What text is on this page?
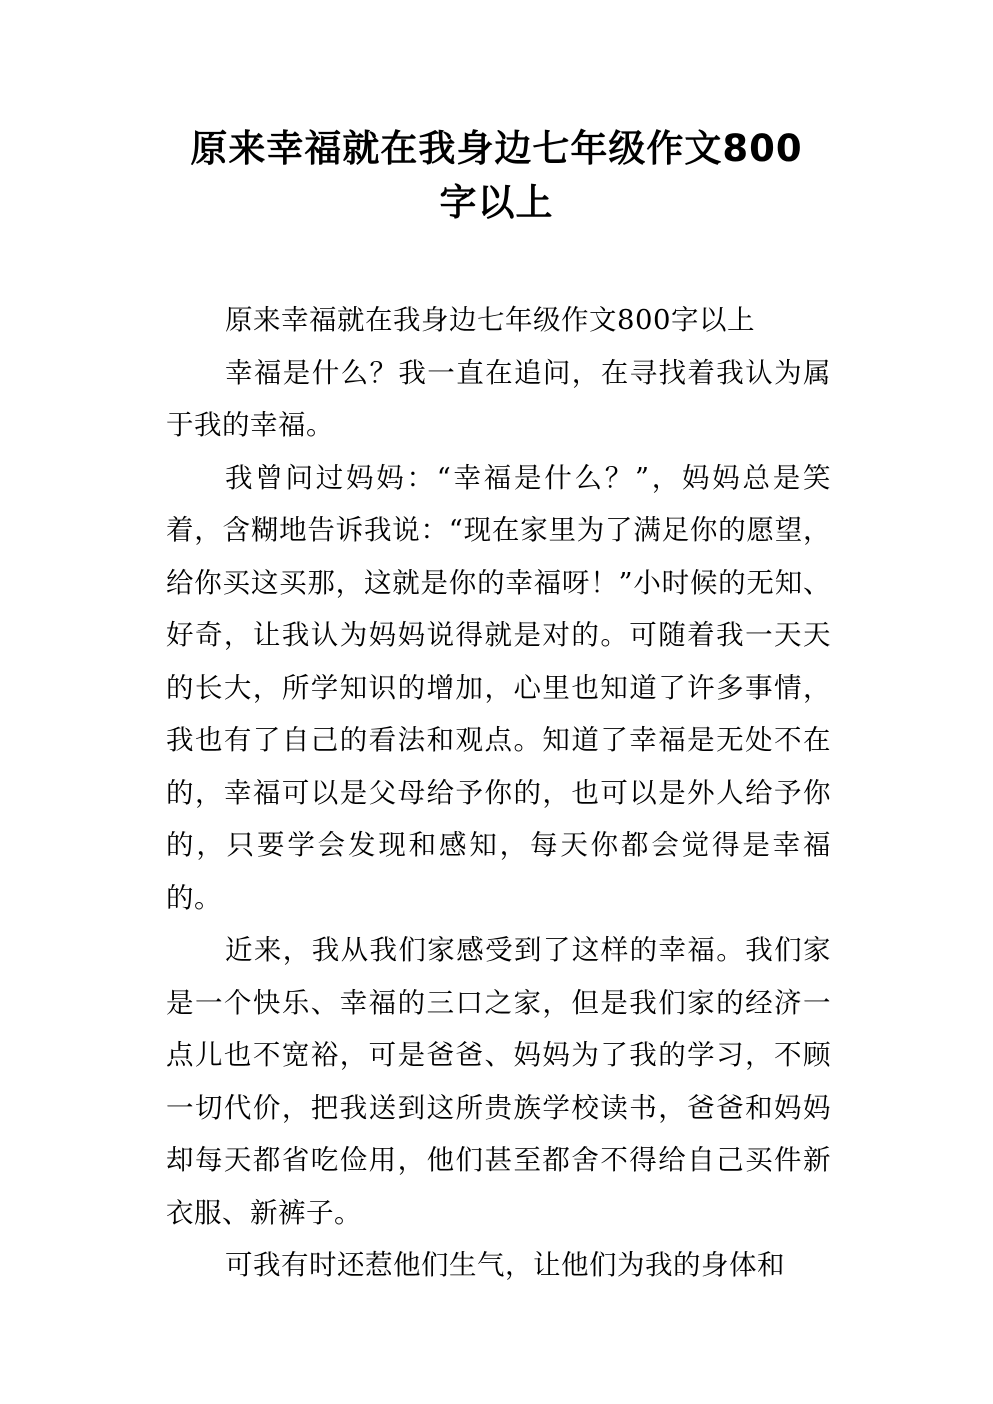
原来幸福就在我身边七年级作文800
字以上

原来幸福就在我身边七年级作文800字以上

幸福是什么？我一直在追问，在寻找着我认为属于我的幸福。

我曾问过妈妈：“幸福是什么？”，妈妈总是笑着，含糊地告诉我说：“现在家里为了满足你的愿望，给你买这买那，这就是你的幸福呀！”小时候的无知、好奇，让我认为妈妈说得就是对的。可随着我一天天的长大，所学知识的增加，心里也知道了许多事情，我也有了自己的看法和观点。知道了幸福是无处不在的，幸福可以是父母给予你的，也可以是外人给予你的，只要学会发现和感知，每天你都会觉得是幸福的。

近来，我从我们家感受到了这样的幸福。我们家是一个快乐、幸福的三口之家，但是我们家的经济一点儿也不宽裕，可是爸爸、妈妈为了我的学习，不顾一切代价，把我送到这所贵族学校读书，爸爸和妈妈却每天都省吃俭用，他们甚至都舍不得给自己买件新衣服、新裤子。

可我有时还惹他们生气，让他们为我的身体和
